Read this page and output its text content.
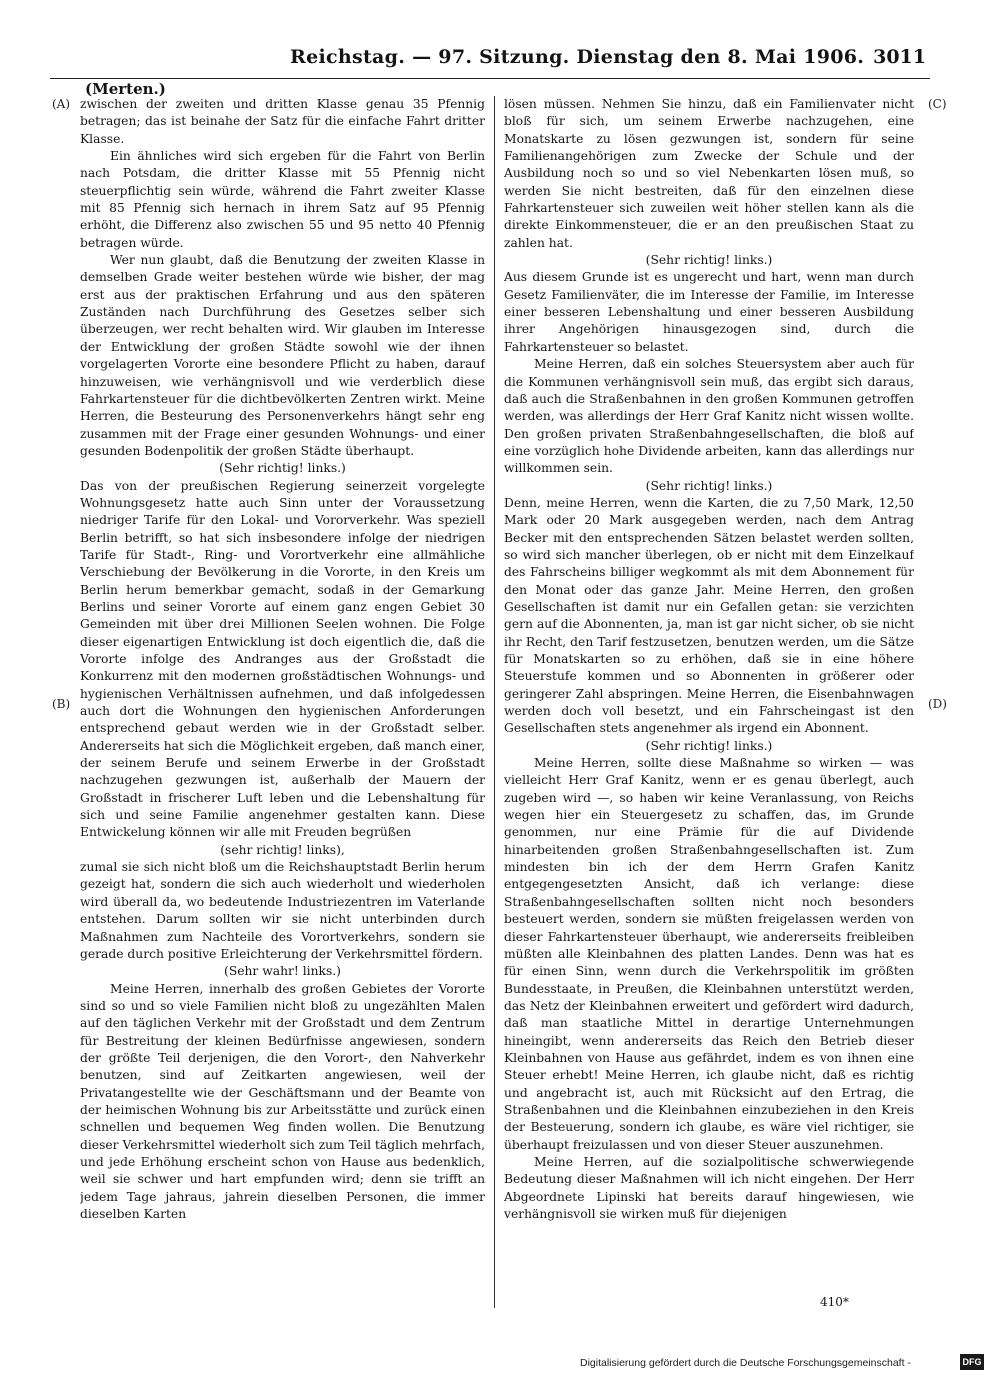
Reichstag. — 97. Sitzung. Dienstag den 8. Mai 1906. 3011
(Merten.)
(A)
(B)
(C)
(D)

zwischen der zweiten und dritten Klasse genau 35 Pfennig betragen; das ist beinahe der Satz für die einfache Fahrt dritter Klasse.

Ein ähnliches wird sich ergeben für die Fahrt von Berlin nach Potsdam, die dritter Klasse mit 55 Pfennig nicht steuerpflichtig sein würde, während die Fahrt zweiter Klasse mit 85 Pfennig sich hernach in ihrem Satz auf 95 Pfennig erhöht, die Differenz also zwischen 55 und 95 netto 40 Pfennig betragen würde.

Wer nun glaubt, daß die Benutzung der zweiten Klasse in demselben Grade weiter bestehen würde wie bisher, der mag erst aus der praktischen Erfahrung und aus den späteren Zuständen nach Durchführung des Gesetzes selber sich überzeugen, wer recht behalten wird. Wir glauben im Interesse der Entwicklung der großen Städte sowohl wie der ihnen vorgelagerten Vororte eine besondere Pflicht zu haben, darauf hinzuweisen, wie verhängnisvoll und wie verderblich diese Fahrkartensteuer für die dichtbevölkerten Zentren wirkt. Meine Herren, die Besteurung des Personenverkehrs hängt sehr eng zusammen mit der Frage einer gesunden Wohnungs- und einer gesunden Bodenpolitik der großen Städte überhaupt.

(Sehr richtig! links.)

Das von der preußischen Regierung seinerzeit vorgelegte Wohnungsgesetz hatte auch Sinn unter der Voraussetzung niedriger Tarife für den Lokal- und Vororverkehr. Was speziell Berlin betrifft, so hat sich insbesondere infolge der niedrigen Tarife für Stadt-, Ring- und Vorortverkehr eine allmähliche Verschiebung der Bevölkerung in die Vororte, in den Kreis um Berlin herum bemerkbar gemacht, sodaß in der Gemarkung Berlins und seiner Vororte auf einem ganz engen Gebiet 30 Gemeinden mit über drei Millionen Seelen wohnen. Die Folge dieser eigenartigen Entwicklung ist doch eigentlich die, daß die Vororte infolge des Andranges aus der Großstadt die Konkurrenz mit den modernen großstädtischen Wohnungs- und hygienischen Verhältnissen aufnehmen, und daß infolgedessen auch dort die Wohnungen den hygienischen Anforderungen entsprechend gebaut werden wie in der Großstadt selber. Andererseits hat sich die Möglichkeit ergeben, daß manch einer, der seinem Berufe und seinem Erwerbe in der Großstadt nachzugehen gezwungen ist, außerhalb der Mauern der Großstadt in frischerer Luft leben und die Lebenshaltung für sich und seine Familie angenehmer gestalten kann. Diese Entwickelung können wir alle mit Freuden begrüßen

(sehr richtig! links),

zumal sie sich nicht bloß um die Reichshauptstadt Berlin herum gezeigt hat, sondern die sich auch wiederholt und wiederholen wird überall da, wo bedeutende Industriezentren im Vaterlande entstehen. Darum sollten wir sie nicht unterbinden durch Maßnahmen zum Nachteile des Vorortverkehrs, sondern sie gerade durch positive Erleichterung der Verkehrsmittel fördern.

(Sehr wahr! links.)

Meine Herren, innerhalb des großen Gebietes der Vororte sind so und so viele Familien nicht bloß zu ungezählten Malen auf den täglichen Verkehr mit der Großstadt und dem Zentrum für Bestreitung der kleinen Bedürfnisse angewiesen, sondern der größte Teil derjenigen, die den Vorort-, den Nahverkehr benutzen, sind auf Zeitkarten angewiesen, weil der Privatangestellte wie der Geschäftsmann und der Beamte von der heimischen Wohnung bis zur Arbeitsstätte und zurück einen schnellen und bequemen Weg finden wollen. Die Benutzung dieser Verkehrsmittel wiederholt sich zum Teil täglich mehrfach, und jede Erhöhung erscheint schon von Hause aus bedenklich, weil sie schwer und hart empfunden wird; denn sie trifft an jedem Tage jahraus, jahrein dieselben Personen, die immer dieselben Karten

lösen müssen. Nehmen Sie hinzu, daß ein Familienvater nicht bloß für sich, um seinem Erwerbe nachzugehen, eine Monatskarte zu lösen gezwungen ist, sondern für seine Familienangehörigen zum Zwecke der Schule und der Ausbildung noch so und so viel Nebenkarten lösen muß, so werden Sie nicht bestreiten, daß für den einzelnen diese Fahrkartensteuer sich zuweilen weit höher stellen kann als die direkte Einkommensteuer, die er an den preußischen Staat zu zahlen hat.

(Sehr richtig! links.)

Aus diesem Grunde ist es ungerecht und hart, wenn man durch Gesetz Familienväter, die im Interesse der Familie, im Interesse einer besseren Lebenshaltung und einer besseren Ausbildung ihrer Angehörigen hinausgezogen sind, durch die Fahrkartensteuer so belastet.

Meine Herren, daß ein solches Steuersystem aber auch für die Kommunen verhängnisvoll sein muß, das ergibt sich daraus, daß auch die Straßenbahnen in den großen Kommunen getroffen werden, was allerdings der Herr Graf Kanitz nicht wissen wollte. Den großen privaten Straßenbahngesellschaften, die bloß auf eine vorzüglich hohe Dividende arbeiten, kann das allerdings nur willkommen sein.

(Sehr richtig! links.)

Denn, meine Herren, wenn die Karten, die zu 7,50 Mark, 12,50 Mark oder 20 Mark ausgegeben werden, nach dem Antrag Becker mit den entsprechenden Sätzen belastet werden sollten, so wird sich mancher überlegen, ob er nicht mit dem Einzelkauf des Fahrscheins billiger wegkommt als mit dem Abonnement für den Monat oder das ganze Jahr. Meine Herren, den großen Gesellschaften ist damit nur ein Gefallen getan: sie verzichten gern auf die Abonnenten, ja, man ist gar nicht sicher, ob sie nicht ihr Recht, den Tarif festzusetzen, benutzen werden, um die Sätze für Monatskarten so zu erhöhen, daß sie in eine höhere Steuerstufe kommen und so Abonnenten in größerer oder geringerer Zahl abspringen. Meine Herren, die Eisenbahnwagen werden doch voll besetzt, und ein Fahrscheingast ist den Gesellschaften stets angenehmer als irgend ein Abonnent.

(Sehr richtig! links.)

Meine Herren, sollte diese Maßnahme so wirken — was vielleicht Herr Graf Kanitz, wenn er es genau überlegt, auch zugeben wird —, so haben wir keine Veranlassung, von Reichs wegen hier ein Steuergesetz zu schaffen, das, im Grunde genommen, nur eine Prämie für die auf Dividende hinarbeitenden großen Straßenbahngesellschaften ist. Zum mindesten bin ich der dem Herrn Grafen Kanitz entgegengesetzten Ansicht, daß ich verlange: diese Straßenbahngesellschaften sollten nicht noch besonders besteuert werden, sondern sie müßten freigelassen werden von dieser Fahrkartensteuer überhaupt, wie andererseits freibleiben müßten alle Kleinbahnen des platten Landes. Denn was hat es für einen Sinn, wenn durch die Verkehrspolitik im größten Bundesstaate, in Preußen, die Kleinbahnen unterstützt werden, das Netz der Kleinbahnen erweitert und gefördert wird dadurch, daß man staatliche Mittel in derartige Unternehmungen hineingibt, wenn andererseits das Reich den Betrieb dieser Kleinbahnen von Hause aus gefährdet, indem es von ihnen eine Steuer erhebt! Meine Herren, ich glaube nicht, daß es richtig und angebracht ist, auch mit Rücksicht auf den Ertrag, die Straßenbahnen und die Kleinbahnen einzubeziehen in den Kreis der Besteuerung, sondern ich glaube, es wäre viel richtiger, sie überhaupt freizulassen und von dieser Steuer auszunehmen.

Meine Herren, auf die sozialpolitische schwerwiegende Bedeutung dieser Maßnahmen will ich nicht eingehen. Der Herr Abgeordnete Lipinski hat bereits darauf hingewiesen, wie verhängnisvoll sie wirken muß für diejenigen

410*
Digitalisierung gefördert durch die Deutsche Forschungsgemeinschaft -	DFG
